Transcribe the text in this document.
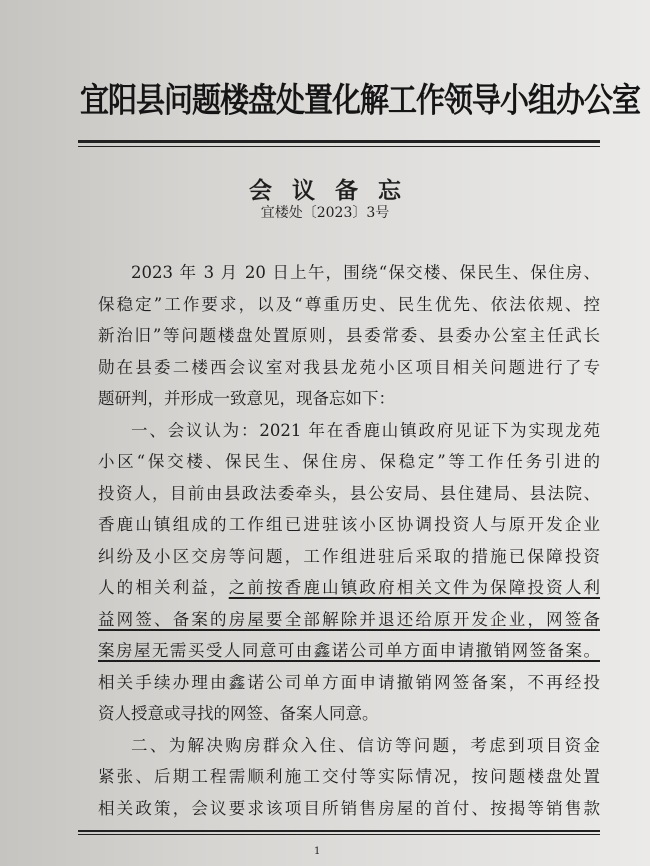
宜阳县问题楼盘处置化解工作领导小组办公室
会议备忘
宜楼处〔2023〕3号
2023 年 3 月 20 日上午，围绕“保交楼、保民生、保住房、
保稳定”工作要求，以及“尊重历史、民生优先、依法依规、控
新治旧”等问题楼盘处置原则，县委常委、县委办公室主任武长
勋在县委二楼西会议室对我县龙苑小区项目相关问题进行了专
题研判，并形成一致意见，现备忘如下：
一、会议认为：2021 年在香鹿山镇政府见证下为实现龙苑
小区“保交楼、保民生、保住房、保稳定”等工作任务引进的
投资人，目前由县政法委牵头，县公安局、县住建局、县法院、
香鹿山镇组成的工作组已进驻该小区协调投资人与原开发企业
纠纷及小区交房等问题，工作组进驻后采取的措施已保障投资
人的相关利益，之前按香鹿山镇政府相关文件为保障投资人利
益网签、备案的房屋要全部解除并退还给原开发企业，网签备
案房屋无需买受人同意可由鑫诺公司单方面申请撤销网签备案。
相关手续办理由鑫诺公司单方面申请撤销网签备案，不再经投
资人授意或寻找的网签、备案人同意。
二、为解决购房群众入住、信访等问题，考虑到项目资金
紧张、后期工程需顺利施工交付等实际情况，按问题楼盘处置
相关政策，会议要求该项目所销售房屋的首付、按揭等销售款
1
